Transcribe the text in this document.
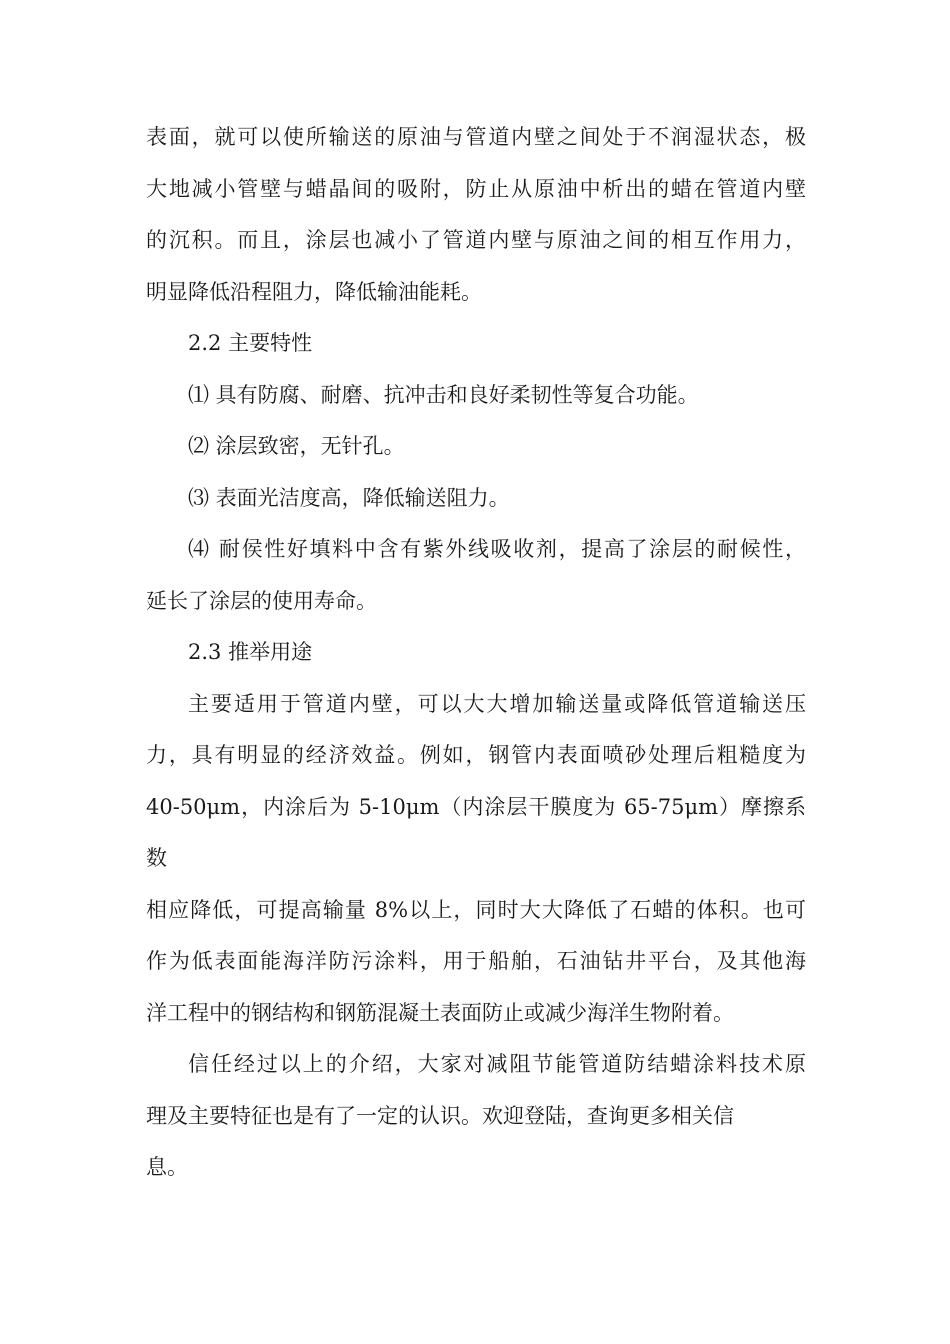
表面，就可以使所输送的原油与管道内壁之间处于不润湿状态，极
大地减小管壁与蜡晶间的吸附，防止从原油中析出的蜡在管道内壁
的沉积。而且，涂层也减小了管道内壁与原油之间的相互作用力，
明显降低沿程阻力，降低输油能耗。
2.2 主要特性
⑴ 具有防腐、耐磨、抗冲击和良好柔韧性等复合功能。
⑵ 涂层致密，无针孔。
⑶ 表面光洁度高，降低输送阻力。
⑷ 耐侯性好填料中含有紫外线吸收剂，提高了涂层的耐候性，
延长了涂层的使用寿命。
2.3 推举用途
主要适用于管道内壁，可以大大增加输送量或降低管道输送压
力，具有明显的经济效益。例如，钢管内表面喷砂处理后粗糙度为
40-50μm，内涂后为 5-10μm（内涂层干膜度为 65-75μm）摩擦系数
相应降低，可提高输量 8%以上，同时大大降低了石蜡的体积。也可
作为低表面能海洋防污涂料，用于船舶，石油钻井平台，及其他海
洋工程中的钢结构和钢筋混凝土表面防止或减少海洋生物附着。
信任经过以上的介绍，大家对减阻节能管道防结蜡涂料技术原
理及主要特征也是有了一定的认识。欢迎登陆，查询更多相关信
息。
